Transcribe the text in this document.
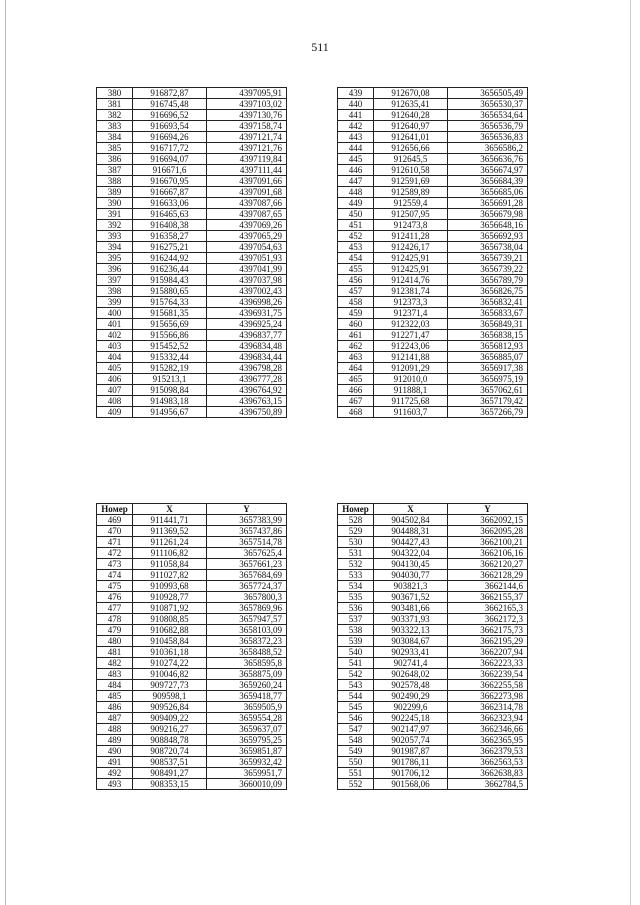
511
380	916872,87	4397095,91
381	916745,48	4397103,02
382	916696,52	4397130,76
383	916693,54	4397158,74
384	916694,26	4397121,74
385	916717,72	4397121,76
386	916694,07	4397119,84
387	916671,6	4397111,44
388	916670,95	4397091,66
389	916667,87	4397091,68
390	916633,06	4397087,66
391	916465,63	4397087,65
392	916408,38	4397069,26
393	916358,27	4397065,29
394	916275,21	4397054,63
395	916244,92	4397051,93
396	916236,44	4397041,99
397	915984,43	4397037,98
398	915880,65	4397002,43
399	915764,33	4396998,26
400	915681,35	4396931,75
401	915656,69	4396925,24
402	915566,86	4396837,77
403	915452,52	4396834,48
404	915332,44	4396834,44
405	915282,19	4396798,28
406	915213,1	4396777,28
407	915098,84	4396764,92
408	914983,18	4396763,15
409	914956,67	4396750,89
439	912670,08	3656505,49
440	912635,41	3656530,37
441	912640,28	3656534,64
442	912640,97	3656536,79
443	912641,01	3656536,83
444	912656,66	3656586,2
445	912645,5	3656636,76
446	912610,58	3656674,97
447	912591,69	3656684,39
448	912589,89	3656685,06
449	912559,4	3656691,28
450	912507,95	3656679,98
451	912473,8	3656648,16
452	912411,28	3656692,93
453	912426,17	3656738,04
454	912425,91	3656739,21
455	912425,91	3656739,22
456	912414,76	3656789,79
457	912381,74	3656826,75
458	912373,3	3656832,41
459	912371,4	3656833,67
460	912322,03	3656849,31
461	912271,47	3656838,15
462	912243,06	3656812,93
463	912141,88	3656885,07
464	912091,29	3656917,38
465	912010,0	3656975,19
466	911888,1	3657062,61
467	911725,68	3657179,42
468	911603,7	3657266,79
Номер	X	Y
469	911441,71	3657383,99
470	911369,52	3657437,86
471	911261,24	3657514,78
472	911106,82	3657625,4
473	911058,84	3657661,23
474	911027,82	3657684,69
475	910993,68	3657724,37
476	910928,77	3657800,3
477	910871,92	3657869,96
478	910808,85	3657947,57
479	910682,88	3658103,09
480	910458,84	3658372,23
481	910361,18	3658488,52
482	910274,22	3658595,8
483	910046,82	3658875,09
484	909727,73	3659260,24
485	909598,1	3659418,77
486	909526,84	3659505,9
487	909409,22	3659554,28
488	909216,27	3659637,07
489	908848,78	3659795,25
490	908720,74	3659851,87
491	908537,51	3659932,42
492	908491,27	3659951,7
493	908353,15	3660010,09
Номер	X	Y
528	904502,84	3662092,15
529	904488,31	3662095,28
530	904427,43	3662100,21
531	904322,04	3662106,16
532	904130,45	3662120,27
533	904030,77	3662128,29
534	903821,3	3662144,6
535	903671,52	3662155,37
536	903481,66	3662165,3
537	903371,93	3662172,3
538	903322,13	3662175,73
539	903084,67	3662195,29
540	902933,41	3662207,94
541	902741,4	3662223,33
542	902648,02	3662239,54
543	902578,48	3662255,58
544	902490,29	3662273,98
545	902299,6	3662314,78
546	902245,18	3662323,94
547	902147,97	3662346,66
548	902057,74	3662365,95
549	901987,87	3662379,53
550	901786,11	3662563,53
551	901706,12	3662638,83
552	901568,06	3662784,5
